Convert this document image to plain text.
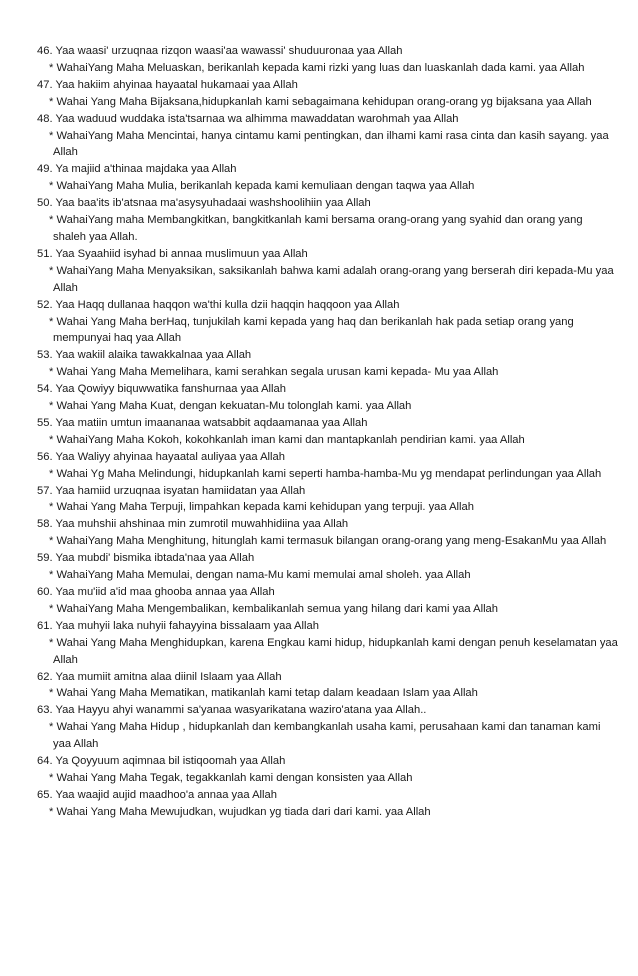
46. Yaa waasi' urzuqnaa rizqon waasi'aa wawassi' shuduuronaa yaa Allah
* WahaiYang Maha Meluaskan, berikanlah kepada kami rizki yang luas dan luaskanlah dada kami. yaa Allah
47. Yaa hakiim ahyinaa hayaatal hukamaai yaa Allah
* Wahai Yang Maha Bijaksana,hidupkanlah kami sebagaimana kehidupan orang-orang yg bijaksana yaa Allah
48. Yaa waduud wuddaka ista'tsarnaa wa alhimma mawaddatan warohmah yaa Allah
* WahaiYang Maha Mencintai, hanya cintamu kami pentingkan, dan ilhami kami rasa cinta dan kasih sayang. yaa Allah
49. Ya majiid a'thinaa majdaka yaa Allah
* WahaiYang Maha Mulia, berikanlah kepada kami kemuliaan dengan taqwa yaa Allah
50. Yaa baa'its ib'atsnaa ma'asysyuhadaai washshoolihiin yaa Allah
* WahaiYang maha Membangkitkan, bangkitkanlah kami bersama orang-orang yang syahid dan orang yang shaleh yaa Allah.
51. Yaa Syaahiid isyhad bi annaa muslimuun yaa Allah
* WahaiYang Maha Menyaksikan, saksikanlah bahwa kami adalah orang-orang yang berserah diri kepada-Mu yaa Allah
52. Yaa Haqq dullanaa haqqon wa'thi kulla dzii haqqin haqqoon yaa Allah
* Wahai Yang Maha berHaq, tunjukilah kami kepada yang haq dan berikanlah hak pada setiap orang yang mempunyai haq yaa Allah
53. Yaa wakiil alaika tawakkalnaa yaa Allah
* Wahai Yang Maha Memelihara, kami serahkan segala urusan kami kepada- Mu yaa Allah
54. Yaa Qowiyy biquwwatika fanshurnaa yaa Allah
* Wahai Yang Maha Kuat, dengan kekuatan-Mu tolonglah kami. yaa Allah
55. Yaa matiin umtun imaananaa watsabbit aqdaamanaa yaa Allah
* WahaiYang Maha Kokoh, kokohkanlah iman kami dan mantapkanlah pendirian kami. yaa Allah
56. Yaa Waliyy ahyinaa hayaatal auliyaa yaa Allah
* Wahai Yg Maha Melindungi, hidupkanlah kami seperti hamba-hamba-Mu yg mendapat perlindungan yaa Allah
57. Yaa hamiid urzuqnaa isyatan hamiidatan yaa Allah
* Wahai Yang Maha Terpuji, limpahkan kepada kami kehidupan yang terpuji. yaa Allah
58. Yaa muhshii ahshinaa min zumrotil muwahhidiina yaa Allah
* WahaiYang Maha Menghitung, hitunglah kami termasuk bilangan orang-orang yang meng-EsakanMu yaa Allah
59. Yaa mubdi' bismika ibtada'naa yaa Allah
* WahaiYang Maha Memulai, dengan nama-Mu kami memulai amal sholeh. yaa Allah
60. Yaa mu'iid a'id maa ghooba annaa yaa Allah
* WahaiYang Maha Mengembalikan, kembalikanlah semua yang hilang dari kami yaa Allah
61. Yaa muhyii laka nuhyii fahayyina bissalaam yaa Allah
* Wahai Yang Maha Menghidupkan, karena Engkau kami hidup, hidupkanlah kami dengan penuh keselamatan yaa Allah
62. Yaa mumiit amitna alaa diinil Islaam yaa Allah
* Wahai Yang Maha Mematikan, matikanlah kami tetap dalam keadaan Islam yaa Allah
63. Yaa Hayyu ahyi wanammi sa'yanaa wasyarikatana waziro'atana yaa Allah..
* Wahai Yang Maha Hidup , hidupkanlah dan kembangkanlah usaha kami, perusahaan kami dan tanaman kami yaa Allah
64. Ya Qoyyuum aqimnaa bil istiqoomah yaa Allah
* Wahai Yang Maha Tegak, tegakkanlah kami dengan konsisten yaa Allah
65. Yaa waajid aujid maadhoo'a annaa yaa Allah
* Wahai Yang Maha Mewujudkan, wujudkan yg tiada dari dari kami. yaa Allah
